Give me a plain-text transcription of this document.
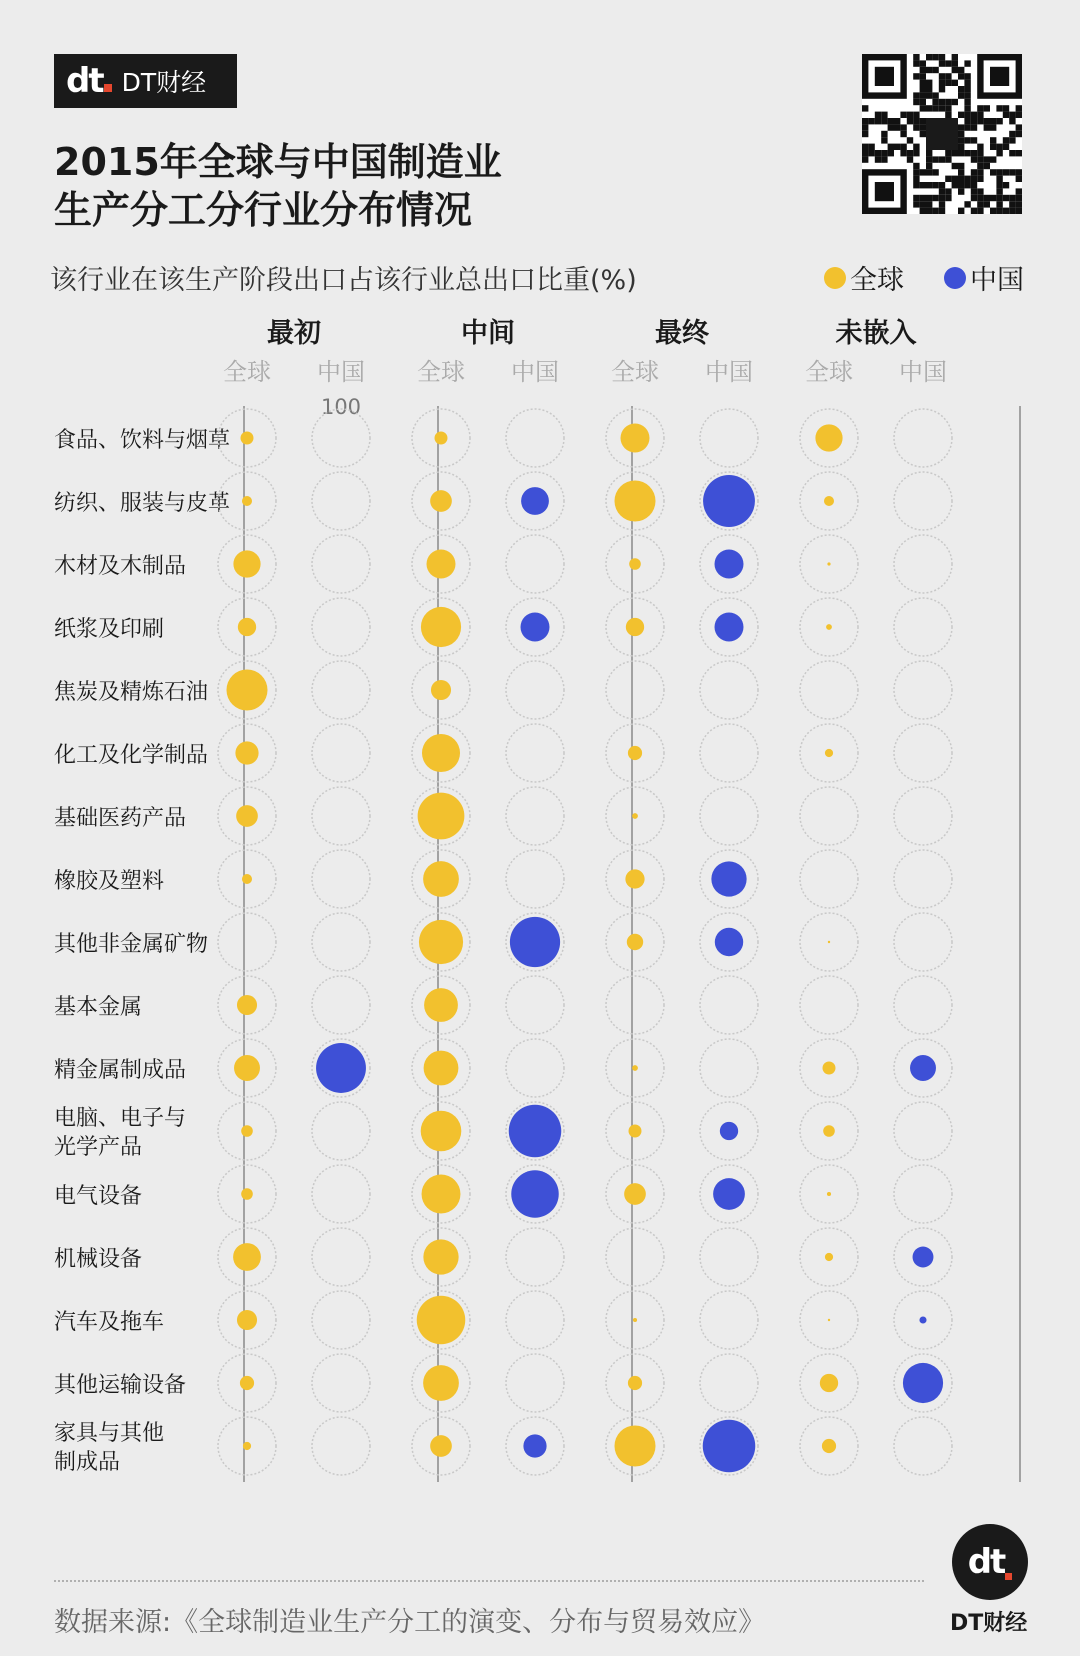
dt DT财经
2015年全球与中国制造业
生产分工分行业分布情况
该行业在该生产阶段出口占该行业总出口比重(%)	全球 中国
最初
全球 中国
中间
全球 中国
最终
全球 中国
未嵌入
全球 中国
100
食品、饮料与烟草
纺织、服装与皮革
木材及木制品
纸浆及印刷
焦炭及精炼石油
化工及化学制品
基础医药产品
橡胶及塑料
其他非金属矿物
基本金属
精金属制成品
电脑、电子与光学产品
电气设备
机械设备
汽车及拖车
其他运输设备
家具与其他制成品
数据来源:《全球制造业生产分工的演变、分布与贸易效应》
dt
DT财经
